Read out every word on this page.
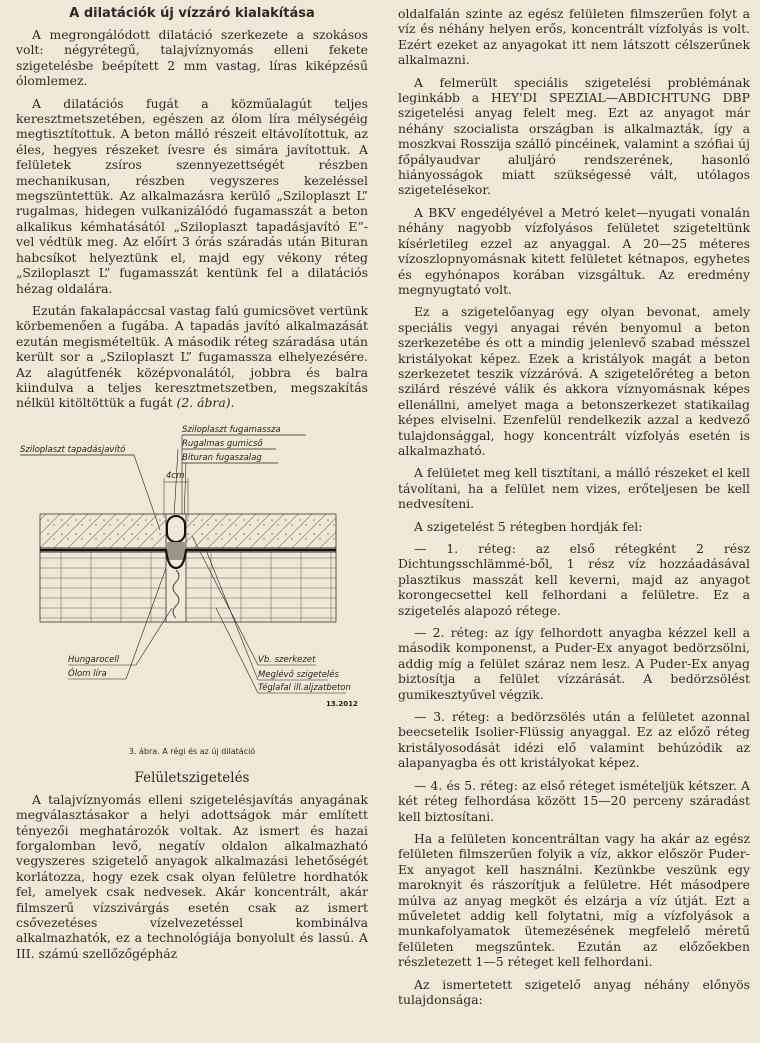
A dilatációk új vízzáró kialakítása

A megrongálódott dilatáció szerkezete a szokásos volt: négyrétegű, talajvíznyomás elleni fekete szigetelésbe beépített 2 mm vastag, líras kiképzésű ólomlemez.

A dilatációs fugát a közműalagút teljes keresztmetszetében, egészen az ólom líra mélységéig megtisztítottuk. A beton málló részeit eltávolítottuk, az éles, hegyes részeket ívesre és simára javítottuk. A felületek zsíros szennyezettségét részben mechanikusan, részben vegyszeres kezeléssel megszüntettük. Az alkalmazásra kerülő „Sziloplaszt L” rugalmas, hidegen vulkanizálódó fugamasszát a beton alkalikus kémhatásától „Sziloplaszt tapadásjavító E”-vel védtük meg. Az előírt 3 órás száradás után Bituran habcsíkot helyeztünk el, majd egy vékony réteg „Sziloplaszt L” fugamasszát kentünk fel a dilatációs hézag oldalára.

Ezután fakalapáccsal vastag falú gumicsövet vertünk körbemenően a fugába. A tapadás javító alkalmazását ezután megismételtük. A második réteg száradása után került sor a „Sziloplaszt L” fugamassza elhelyezésére. Az alagútfenék középvonalától, jobbra és balra kiindulva a teljes keresztmetszetben, megszakítás nélkül kitöltöttük a fugát (2. ábra).

Sziloplaszt fugamassza
Rugalmas gumicső
Bituran fugaszalag
Sziloplaszt tapadásjavító
4cm
Hungarocell
Ólom líra
Vb. szerkezet
Meglévő szigetelés
Téglafal ill.aljzatbeton
13.2012
3. ábra. A régi és az új dilatáció
Felületszigetelés

A talajvíznyomás elleni szigetelésjavítás anyagának megválasztásakor a helyi adottságok már említett tényezői meghatározók voltak. Az ismert és hazai forgalomban levő, negatív oldalon alkalmazható vegyszeres szigetelő anyagok alkalmazási lehetőségét korlátozza, hogy ezek csak olyan felületre hordhatók fel, amelyek csak nedvesek. Akár koncentrált, akár filmszerű vízszivárgás esetén csak az ismert csővezetéses vízelvezetéssel kombinálva alkalmazhatók, ez a technológiája bonyolult és lassú. A III. számú szellőzőgépház

oldalfalán szinte az egész felületen filmszerűen folyt a víz és néhány helyen erős, koncentrált vízfolyás is volt. Ezért ezeket az anyagokat itt nem látszott célszerűnek alkalmazni.

A felmerült speciális szigetelési problémának leginkább a HEY'DI SPEZIAL—ABDICHTUNG DBP szigetelési anyag felelt meg. Ezt az anyagot már néhány szocialista országban is alkalmazták, így a moszkvai Rosszija szálló pincéinek, valamint a szófiai új főpályaudvar aluljáró rendszerének, hasonló hiányosságok miatt szükségessé vált, utólagos szigetelésekor.

A BKV engedélyével a Metró kelet—nyugati vonalán néhány nagyobb vízfolyásos felületet szigeteltünk kísérletileg ezzel az anyaggal. A 20—25 méteres vízoszlopnyomásnak kitett felületet kétnapos, egyhetes és egyhónapos korában vizsgáltuk. Az eredmény megnyugtató volt.

Ez a szigetelőanyag egy olyan bevonat, amely speciális vegyi anyagai révén benyomul a beton szerkezetébe és ott a mindig jelenlevő szabad mésszel kristályokat képez. Ezek a kristályok magát a beton szerkezetet teszik vízzáróvá. A szigetelőréteg a beton szilárd részévé válik és akkora víznyomásnak képes ellenállni, amelyet maga a betonszerkezet statikailag képes elviselni. Ezenfelül rendelkezik azzal a kedvező tulajdonsággal, hogy koncentrált vízfolyás esetén is alkalmazható.

A felületet meg kell tisztítani, a málló részeket el kell távolítani, ha a felület nem vizes, erőteljesen be kell nedvesíteni.

A szigetelést 5 rétegben hordják fel:

— 1. réteg: az első rétegként 2 rész Dichtungsschlämmé-ből, 1 rész víz hozzáadásával plasztikus masszát kell keverni, majd az anyagot korongecsettel kell felhordani a felületre. Ez a szigetelés alapozó rétege.

— 2. réteg: az így felhordott anyagba kézzel kell a második komponenst, a Puder-Ex anyagot bedörzsölni, addig míg a felület száraz nem lesz. A Puder-Ex anyag biztosítja a felület vízzárását. A bedörzsölést gumikesztyűvel végzik.

— 3. réteg: a bedörzsölés után a felületet azonnal beecsetelik Isolier-Flüssig anyaggal. Ez az előző réteg kristályosodását idézi elő valamint behúzódik az alapanyagba és ott kristályokat képez.

— 4. és 5. réteg: az első réteget ismételjük kétszer. A két réteg felhordása között 15—20 perceny száradást kell biztosítani.

Ha a felületen koncentráltan vagy ha akár az egész felületen filmszerűen folyik a víz, akkor először Puder-Ex anyagot kell használni. Kezünkbe veszünk egy maroknyit és rászorítjuk a felületre. Hét másodpere múlva az anyag megköt és elzárja a víz útját. Ezt a műveletet addig kell folytatni, míg a vízfolyások a munkafolyamatok ütemezésének megfelelő méretű felületen megszűntek. Ezután az előzőekben részletezett 1—5 réteget kell felhordani.

Az ismertetett szigetelő anyag néhány előnyös tulajdonsága:
